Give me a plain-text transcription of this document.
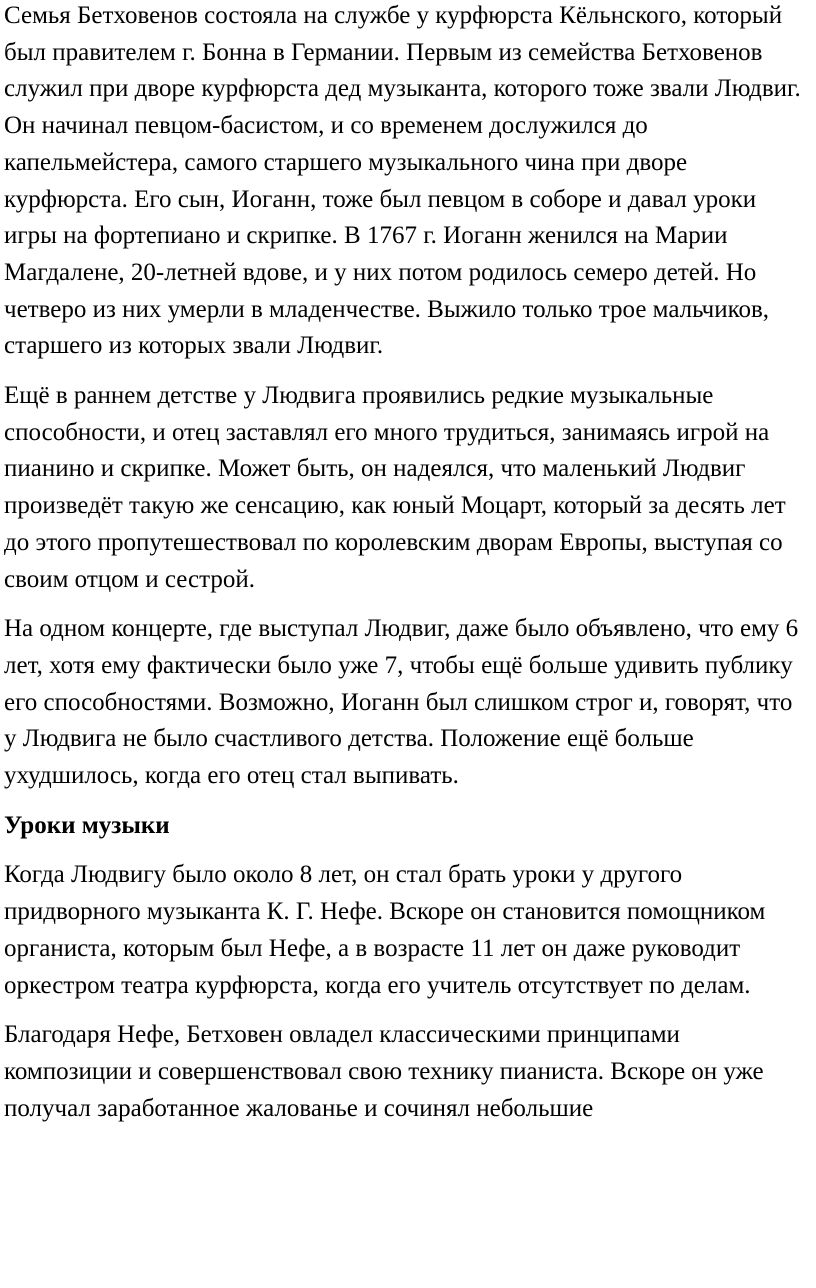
Семья Бетховенов состояла на службе у курфюрста Кёльнского, который был правителем г. Бонна в Германии. Первым из семейства Бетховенов служил при дворе курфюрста дед музыканта, которого тоже звали Людвиг. Он начинал певцом-басистом, и со временем дослужился до капельмейстера, самого старшего музыкального чина при дворе курфюрста. Его сын, Иоганн, тоже был певцом в соборе и давал уроки игры на фортепиано и скрипке. В 1767 г. Иоганн женился на Марии Магдалене, 20-летней вдове, и у них потом родилось семеро детей. Но четверо из них умерли в младенчестве. Выжило только трое мальчиков, старшего из которых звали Людвиг.

Ещё в раннем детстве у Людвига проявились редкие музыкальные способности, и отец заставлял его много трудиться, занимаясь игрой на пианино и скрипке. Может быть, он надеялся, что маленький Людвиг произведёт такую же сенсацию, как юный Моцарт, который за десять лет до этого пропутешествовал по королевским дворам Европы, выступая со своим отцом и сестрой.

На одном концерте, где выступал Людвиг, даже было объявлено, что ему 6 лет, хотя ему фактически было уже 7, чтобы ещё больше удивить публику его способностями. Возможно, Иоганн был слишком строг и, говорят, что у Людвига не было счастливого детства. Положение ещё больше ухудшилось, когда его отец стал выпивать.

Уроки музыки

Когда Людвигу было около 8 лет, он стал брать уроки у другого придворного музыканта К. Г. Нефе. Вскоре он становится помощником органиста, которым был Нефе, а в возрасте 11 лет он даже руководит оркестром театра курфюрста, когда его учитель отсутствует по делам.

Благодаря Нефе, Бетховен овладел классическими принципами композиции и совершенствовал свою технику пианиста. Вскоре он уже получал заработанное жалованье и сочинял небольшие
